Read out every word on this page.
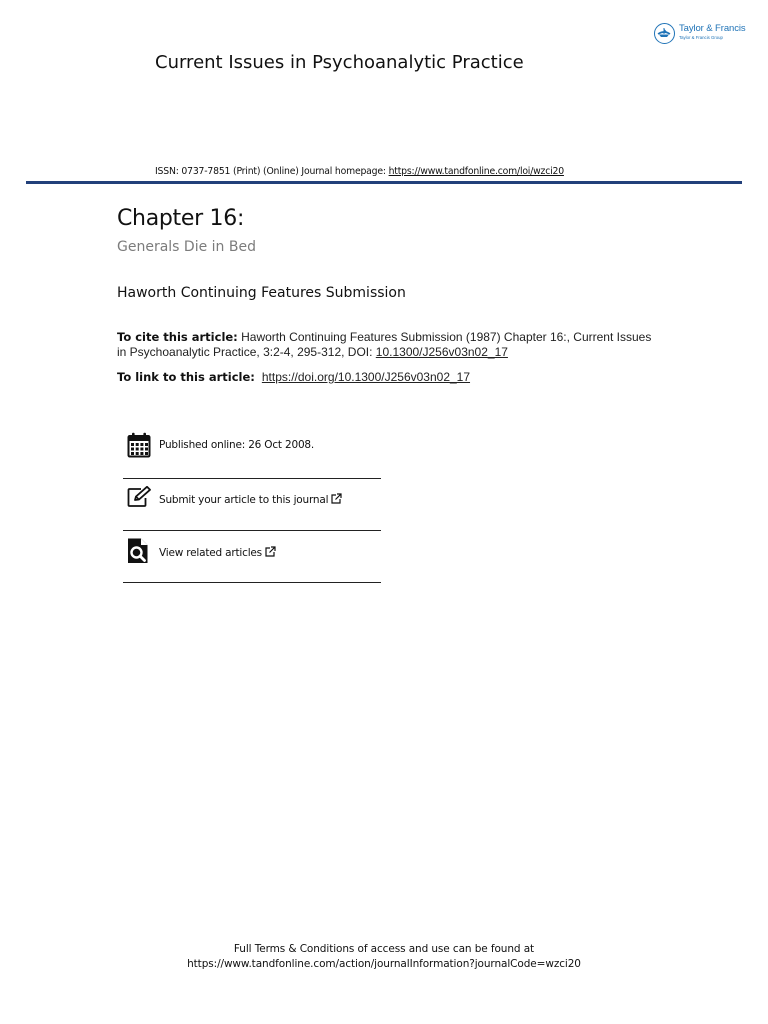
Taylor & Francis
Taylor & Francis Group
Current Issues in Psychoanalytic Practice
ISSN: 0737-7851 (Print) (Online) Journal homepage: https://www.tandfonline.com/loi/wzci20
Chapter 16:
Generals Die in Bed
Haworth Continuing Features Submission
To cite this article: Haworth Continuing Features Submission (1987) Chapter 16:, Current Issues in Psychoanalytic Practice, 3:2-4, 295-312, DOI: 10.1300/J256v03n02_17
To link to this article: https://doi.org/10.1300/J256v03n02_17
Published online: 26 Oct 2008.
Submit your article to this journal
View related articles
Full Terms & Conditions of access and use can be found at
https://www.tandfonline.com/action/journalInformation?journalCode=wzci20
